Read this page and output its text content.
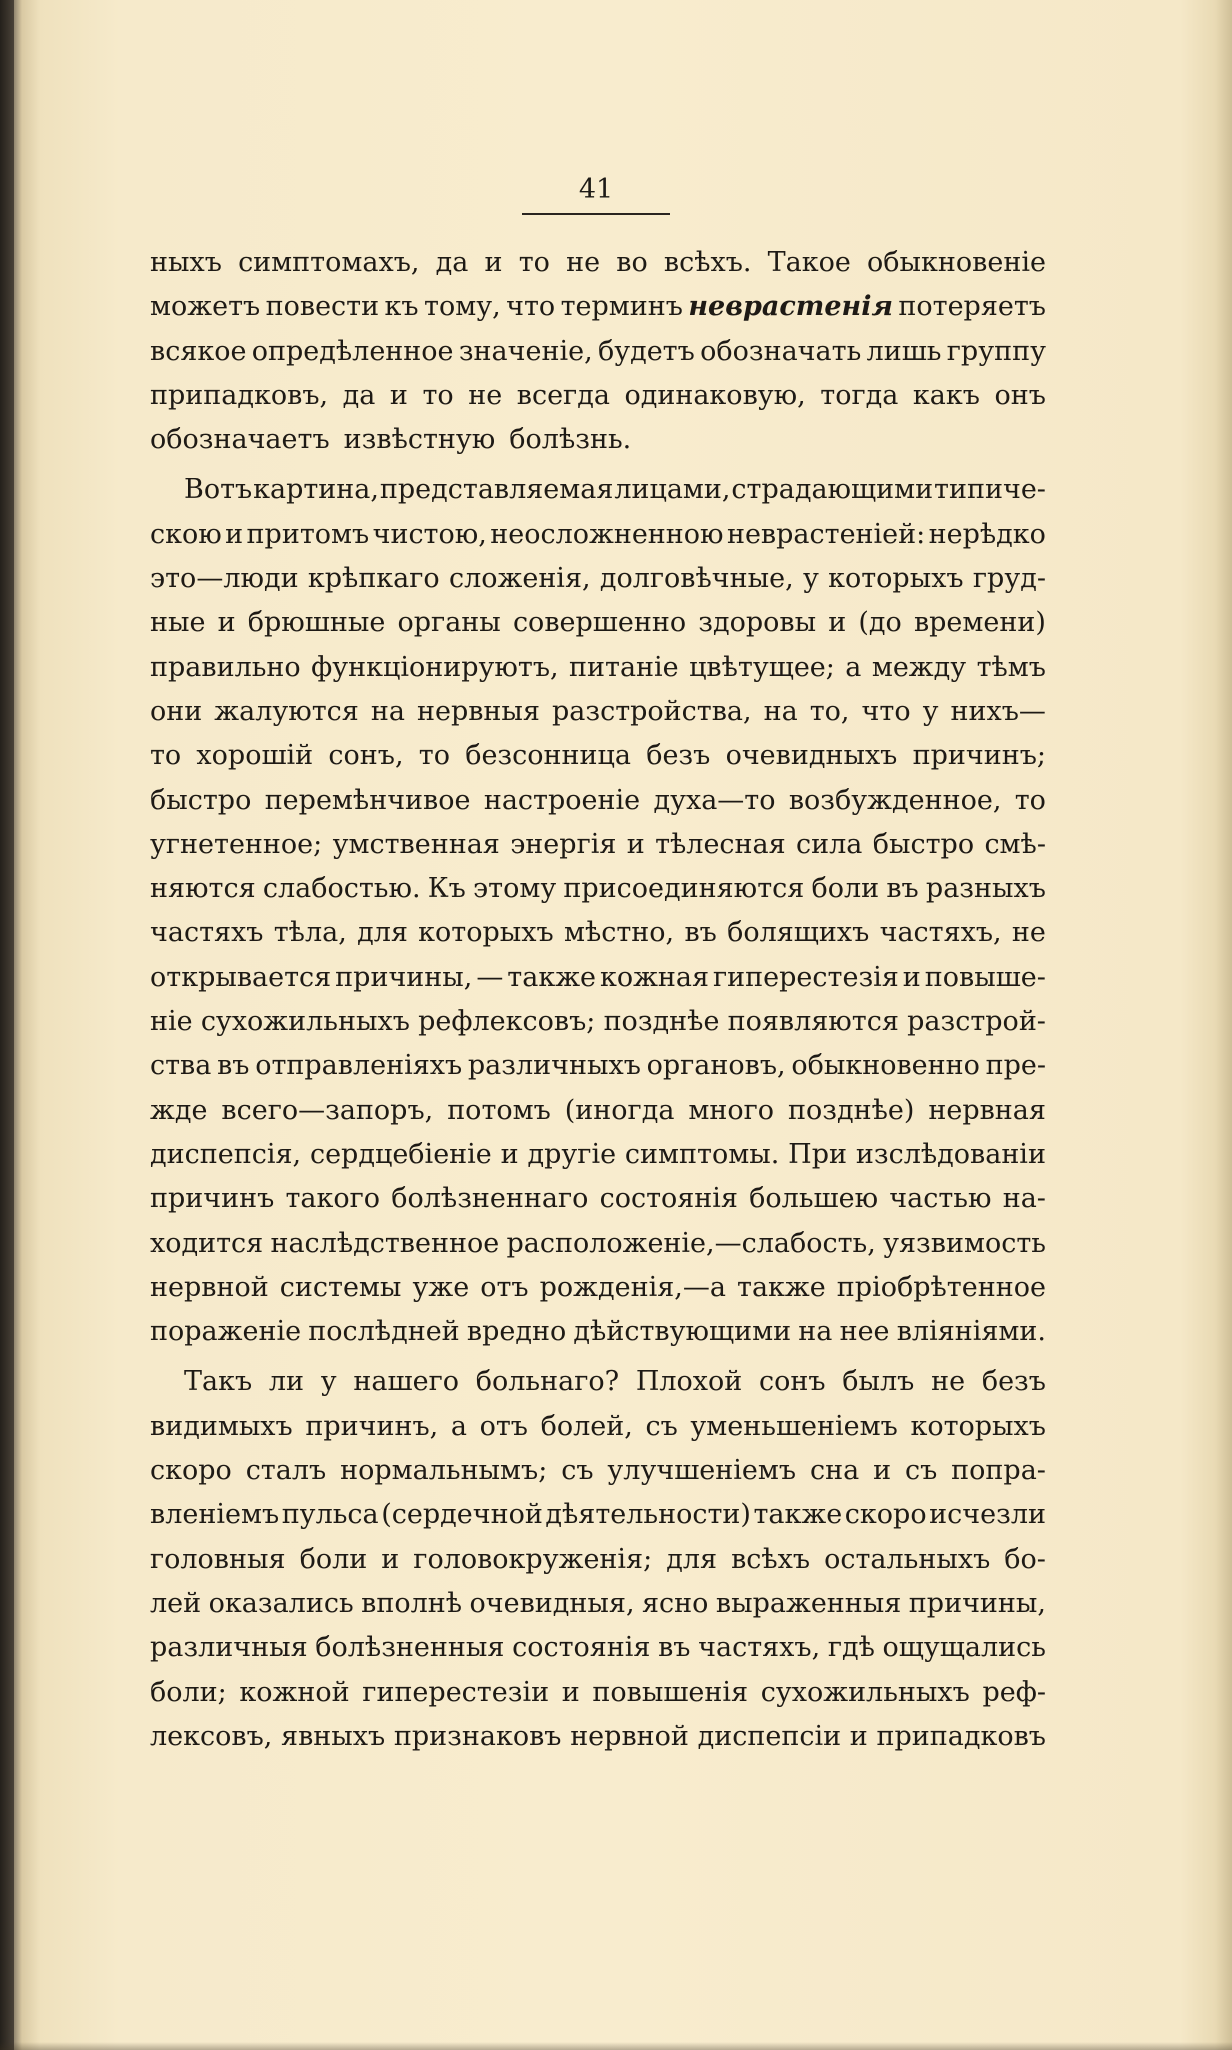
41
ныхъ симптомахъ, да и то не во всѣхъ. Такое обыкновеніе
можетъ повести къ тому, что терминъ неврастенія потеряетъ
всякое опредѣленное значеніе, будетъ обозначать лишь группу
припадковъ, да и то не всегда одинаковую, тогда какъ онъ
обозначаетъ извѣстную болѣзнь.
Вотъ картина, представляемая лицами, страдающими типиче-
скою и притомъ чистою, неосложненною неврастеніей: нерѣдко
это—люди крѣпкаго сложенія, долговѣчные, у которыхъ груд-
ные и брюшные органы совершенно здоровы и (до времени)
правильно функціонируютъ, питаніе цвѣтущее; а между тѣмъ
они жалуются на нервныя разстройства, на то, что у нихъ—
то хорошій сонъ, то безсонница безъ очевидныхъ причинъ;
быстро перемѣнчивое настроеніе духа—то возбужденное, то
угнетенное; умственная энергія и тѣлесная сила быстро смѣ-
няются слабостью. Къ этому присоединяются боли въ разныхъ
частяхъ тѣла, для которыхъ мѣстно, въ болящихъ частяхъ, не
открывается причины, — также кожная гиперестезія и повыше-
ніе сухожильныхъ рефлексовъ; позднѣе появляются разстрой-
ства въ отправленіяхъ различныхъ органовъ, обыкновенно пре-
жде всего—запоръ, потомъ (иногда много позднѣе) нервная
диспепсія, сердцебіеніе и другіе симптомы. При изслѣдованіи
причинъ такого болѣзненнаго состоянія большею частью на-
ходится наслѣдственное расположеніе,—слабость, уязвимость
нервной системы уже отъ рожденія,—а также пріобрѣтенное
пораженіе послѣдней вредно дѣйствующими на нее вліяніями.
Такъ ли у нашего больнаго? Плохой сонъ былъ не безъ
видимыхъ причинъ, а отъ болей, съ уменьшеніемъ которыхъ
скоро сталъ нормальнымъ; съ улучшеніемъ сна и съ попра-
вленіемъ пульса (сердечной дѣятельности) также скоро исчезли
головныя боли и головокруженія; для всѣхъ остальныхъ бо-
лей оказались вполнѣ очевидныя, ясно выраженныя причины,
различныя болѣзненныя состоянія въ частяхъ, гдѣ ощущались
боли; кожной гиперестезіи и повышенія сухожильныхъ реф-
лексовъ, явныхъ признаковъ нервной диспепсіи и припадковъ
